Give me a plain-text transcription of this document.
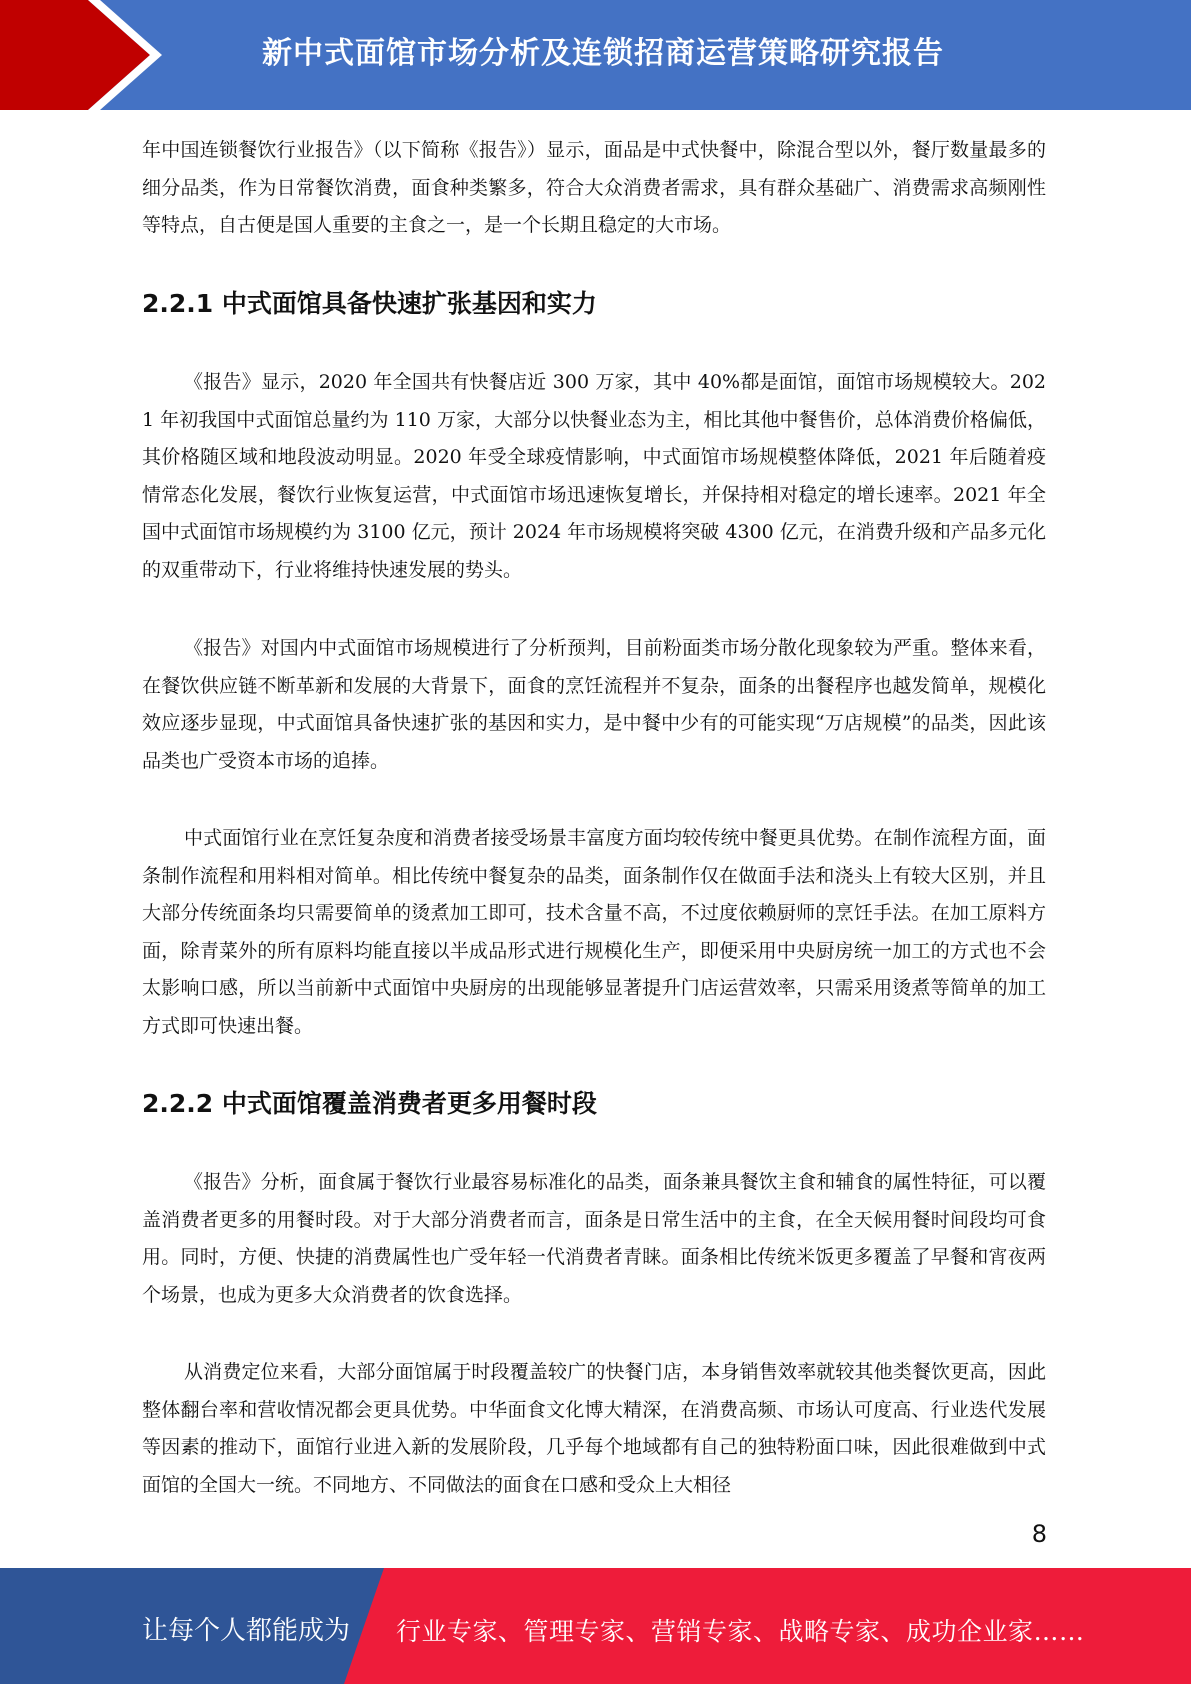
新中式面馆市场分析及连锁招商运营策略研究报告

年中国连锁餐饮行业报告》（以下简称《报告》）显示，面品是中式快餐中，除混合型以外，餐厅数量最多的细分品类，作为日常餐饮消费，面食种类繁多，符合大众消费者需求，具有群众基础广、消费需求高频刚性等特点，自古便是国人重要的主食之一，是一个长期且稳定的大市场。

2.2.1 中式面馆具备快速扩张基因和实力

《报告》显示，2020 年全国共有快餐店近 300 万家，其中 40%都是面馆，面馆市场规模较大。2021 年初我国中式面馆总量约为 110 万家，大部分以快餐业态为主，相比其他中餐售价，总体消费价格偏低，其价格随区域和地段波动明显。2020 年受全球疫情影响，中式面馆市场规模整体降低，2021 年后随着疫情常态化发展，餐饮行业恢复运营，中式面馆市场迅速恢复增长，并保持相对稳定的增长速率。2021 年全国中式面馆市场规模约为 3100 亿元，预计 2024 年市场规模将突破 4300 亿元，在消费升级和产品多元化的双重带动下，行业将维持快速发展的势头。

《报告》对国内中式面馆市场规模进行了分析预判，目前粉面类市场分散化现象较为严重。整体来看，在餐饮供应链不断革新和发展的大背景下，面食的烹饪流程并不复杂，面条的出餐程序也越发简单，规模化效应逐步显现，中式面馆具备快速扩张的基因和实力，是中餐中少有的可能实现“万店规模”的品类，因此该品类也广受资本市场的追捧。

中式面馆行业在烹饪复杂度和消费者接受场景丰富度方面均较传统中餐更具优势。在制作流程方面，面条制作流程和用料相对简单。相比传统中餐复杂的品类，面条制作仅在做面手法和浇头上有较大区别，并且大部分传统面条均只需要简单的烫煮加工即可，技术含量不高，不过度依赖厨师的烹饪手法。在加工原料方面，除青菜外的所有原料均能直接以半成品形式进行规模化生产，即便采用中央厨房统一加工的方式也不会太影响口感，所以当前新中式面馆中央厨房的出现能够显著提升门店运营效率，只需采用烫煮等简单的加工方式即可快速出餐。

2.2.2 中式面馆覆盖消费者更多用餐时段

《报告》分析，面食属于餐饮行业最容易标准化的品类，面条兼具餐饮主食和辅食的属性特征，可以覆盖消费者更多的用餐时段。对于大部分消费者而言，面条是日常生活中的主食，在全天候用餐时间段均可食用。同时，方便、快捷的消费属性也广受年轻一代消费者青睐。面条相比传统米饭更多覆盖了早餐和宵夜两个场景，也成为更多大众消费者的饮食选择。

从消费定位来看，大部分面馆属于时段覆盖较广的快餐门店，本身销售效率就较其他类餐饮更高，因此整体翻台率和营收情况都会更具优势。中华面食文化博大精深，在消费高频、市场认可度高、行业迭代发展等因素的推动下，面馆行业进入新的发展阶段，几乎每个地域都有自己的独特粉面口味，因此很难做到中式面馆的全国大一统。不同地方、不同做法的面食在口感和受众上大相径

8
让每个人都能成为 行业专家、管理专家、营销专家、战略专家、成功企业家……
